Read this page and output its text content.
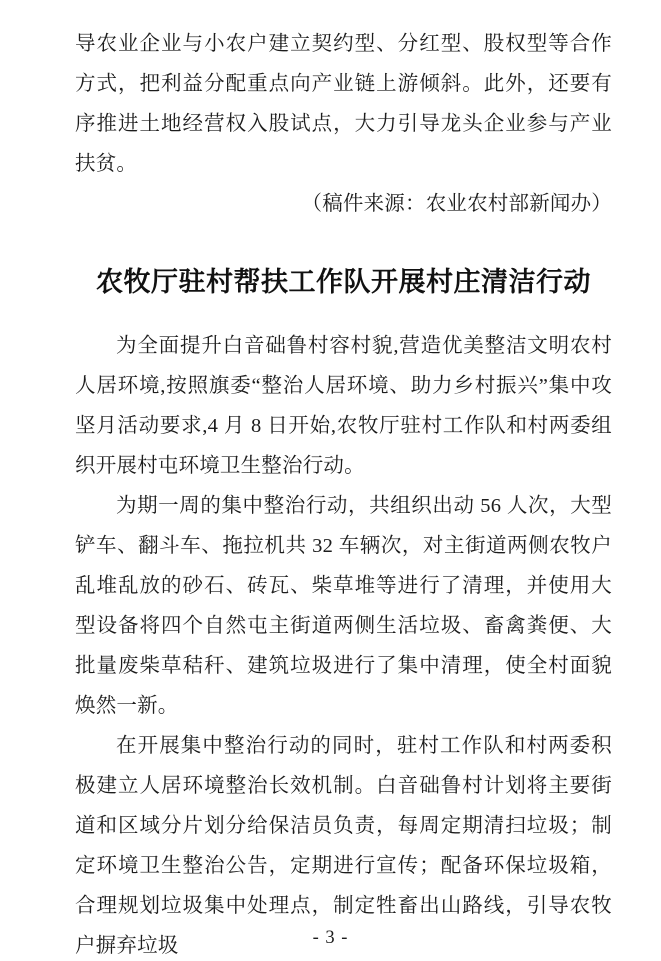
导农业企业与小农户建立契约型、分红型、股权型等合作方式，把利益分配重点向产业链上游倾斜。此外，还要有序推进土地经营权入股试点，大力引导龙头企业参与产业扶贫。

（稿件来源：农业农村部新闻办）

农牧厅驻村帮扶工作队开展村庄清洁行动

为全面提升白音础鲁村容村貌,营造优美整洁文明农村人居环境,按照旗委“整治人居环境、助力乡村振兴”集中攻坚月活动要求,4 月 8 日开始,农牧厅驻村工作队和村两委组织开展村屯环境卫生整治行动。

为期一周的集中整治行动，共组织出动 56 人次，大型铲车、翻斗车、拖拉机共 32 车辆次，对主街道两侧农牧户乱堆乱放的砂石、砖瓦、柴草堆等进行了清理，并使用大型设备将四个自然屯主街道两侧生活垃圾、畜禽粪便、大批量废柴草秸秆、建筑垃圾进行了集中清理，使全村面貌焕然一新。

在开展集中整治行动的同时，驻村工作队和村两委积极建立人居环境整治长效机制。白音础鲁村计划将主要街道和区域分片划分给保洁员负责，每周定期清扫垃圾；制定环境卫生整治公告，定期进行宣传；配备环保垃圾箱，合理规划垃圾集中处理点，制定牲畜出山路线，引导农牧户摒弃垃圾	- 3 -
